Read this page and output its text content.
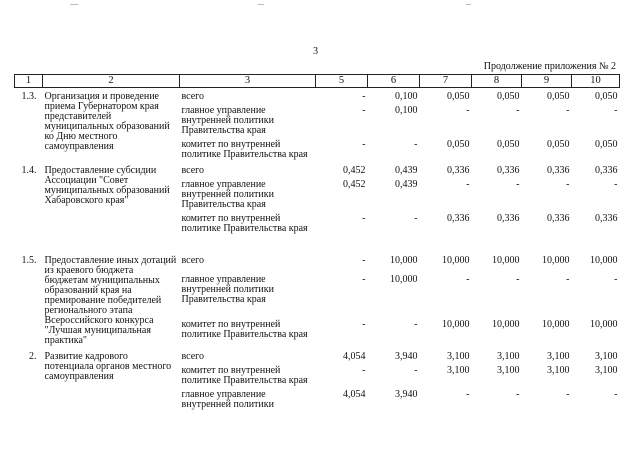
3
Продолжение приложения № 2
1	2	3	5	6	7	8	9	10

1.3.	Организация и проведение приема Губернатором края представителей муниципальных образований ко Дню местного самоуправления	всего	-	0,100	0,050	0,050	0,050	0,050
		главное управление внутренней политики Правительства края	-	0,100	-	-	-	-
		комитет по внутренней политике Правительства края	-	-	0,050	0,050	0,050	0,050

1.4.	Предоставление субсидии Ассоциации "Совет муниципальных образований Хабаровского края"	всего	0,452	0,439	0,336	0,336	0,336	0,336
		главное управление внутренней политики Правительства края	0,452	0,439	-	-	-	-
		комитет по внутренней политике Правительства края	-	-	0,336	0,336	0,336	0,336

1.5.	Предоставление иных дотаций из краевого бюджета бюджетам муниципальных образований края на премирование победителей регионального этапа Всероссийского конкурса "Лучшая муниципальная практика"	всего	-	10,000	10,000	10,000	10,000	10,000
		главное управление внутренней политики Правительства края	-	10,000	-	-	-	-
		комитет по внутренней политике Правительства края	-	-	10,000	10,000	10,000	10,000

2.	Развитие кадрового потенциала органов местного самоуправления	всего	4,054	3,940	3,100	3,100	3,100	3,100
		комитет по внутренней политике Правительства края	-	-	3,100	3,100	3,100	3,100
		главное управление внутренней политики	4,054	3,940	-	-	-	-
